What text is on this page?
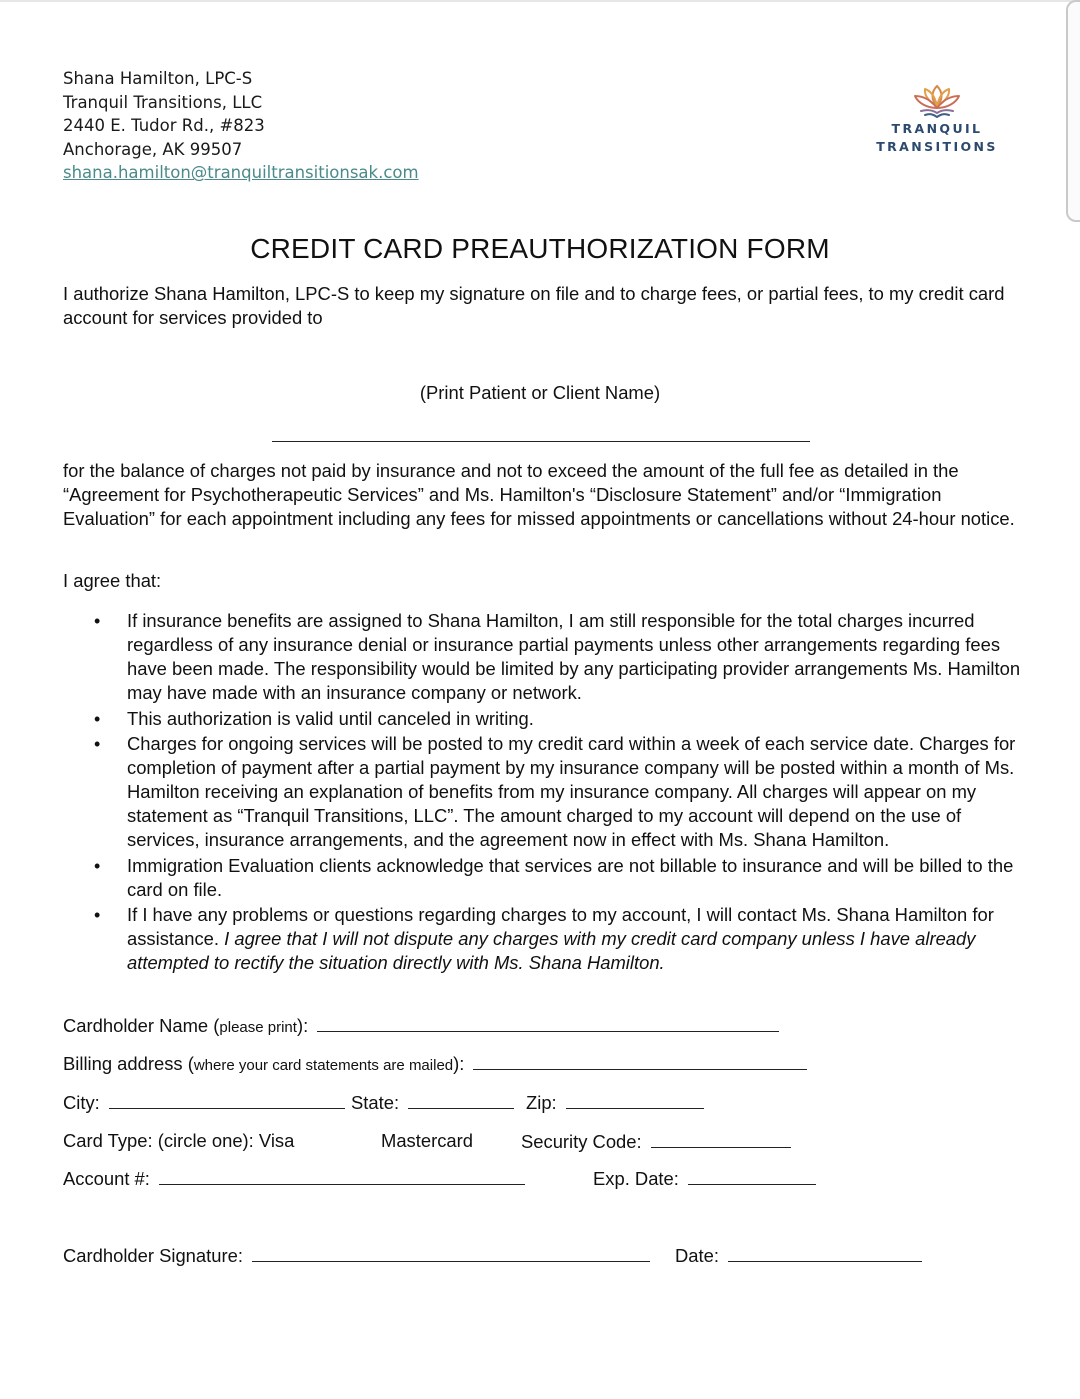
Shana Hamilton, LPC-S
Tranquil Transitions, LLC
2440 E. Tudor Rd., #823
Anchorage, AK 99507
shana.hamilton@tranquiltransitionsak.com
TRANQUIL
TRANSITIONS
CREDIT CARD PREAUTHORIZATION FORM

I authorize Shana Hamilton, LPC-S to keep my signature on file and to charge fees, or partial fees, to my credit card account for services provided to

(Print Patient or Client Name)

for the balance of charges not paid by insurance and not to exceed the amount of the full fee as detailed in the “Agreement for Psychotherapeutic Services” and Ms. Hamilton's “Disclosure Statement” and/or “Immigration Evaluation” for each appointment including any fees for missed appointments or cancellations without 24-hour notice.

I agree that:

• If insurance benefits are assigned to Shana Hamilton, I am still responsible for the total charges incurred regardless of any insurance denial or insurance partial payments unless other arrangements regarding fees have been made. The responsibility would be limited by any participating provider arrangements Ms. Hamilton may have made with an insurance company or network.
• This authorization is valid until canceled in writing.
• Charges for ongoing services will be posted to my credit card within a week of each service date. Charges for completion of payment after a partial payment by my insurance company will be posted within a month of Ms. Hamilton receiving an explanation of benefits from my insurance company. All charges will appear on my statement as “Tranquil Transitions, LLC”. The amount charged to my account will depend on the use of services, insurance arrangements, and the agreement now in effect with Ms. Shana Hamilton.
• Immigration Evaluation clients acknowledge that services are not billable to insurance and will be billed to the card on file.
• If I have any problems or questions regarding charges to my account, I will contact Ms. Shana Hamilton for assistance. I agree that I will not dispute any charges with my credit card company unless I have already attempted to rectify the situation directly with Ms. Shana Hamilton.
Cardholder Name (please print):
Billing address (where your card statements are mailed):
City:	State:	Zip:
Card Type: (circle one): Visa	Mastercard	Security Code:
Account #:	Exp. Date:
Cardholder Signature:	Date:
